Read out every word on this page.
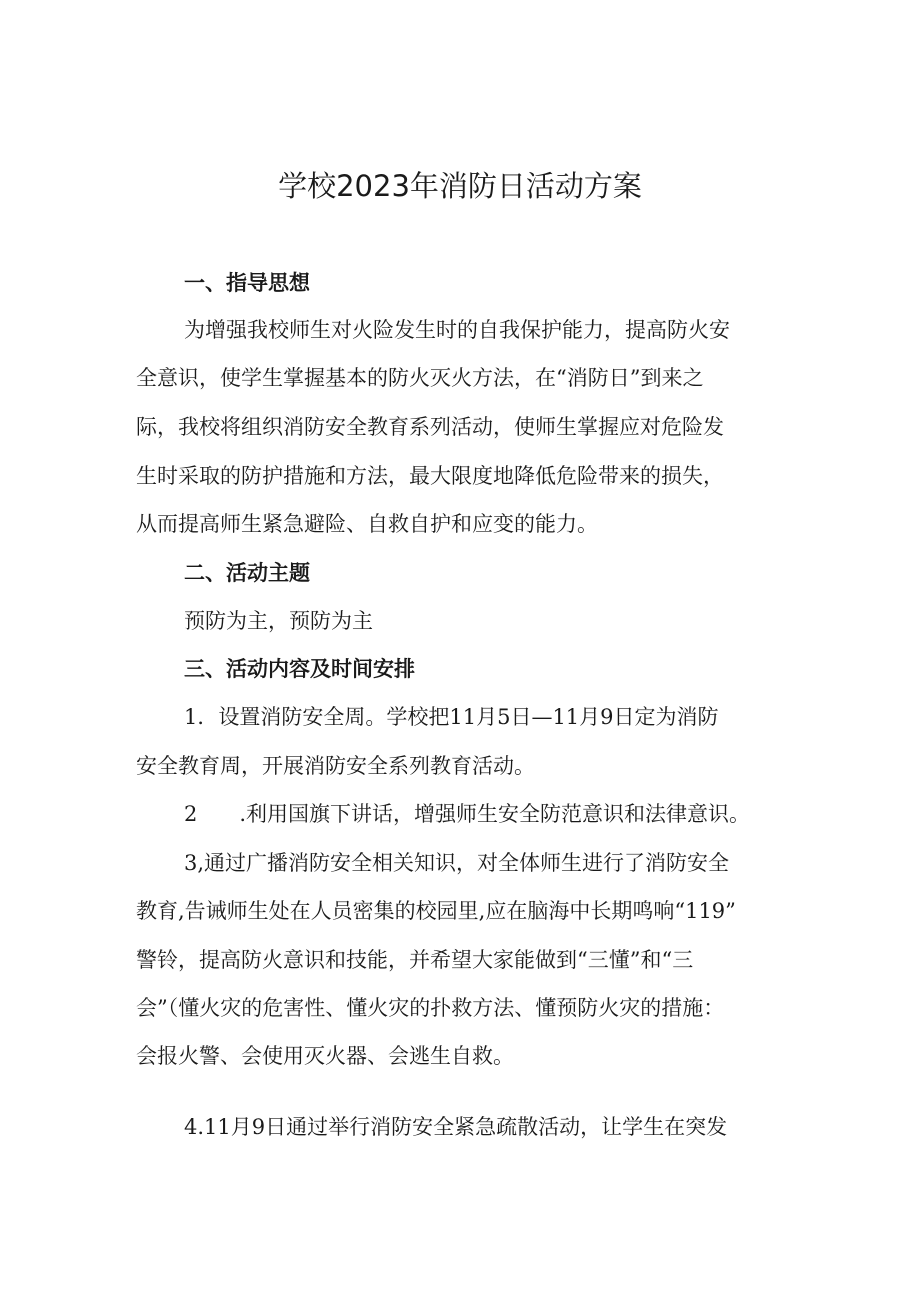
学校2023年消防日活动方案
一、指导思想

为增强我校师生对火险发生时的自我保护能力，提高防火安

全意识，使学生掌握基本的防火灭火方法，在“消防日”到来之

际，我校将组织消防安全教育系列活动，使师生掌握应对危险发

生时采取的防护措施和方法，最大限度地降低危险带来的损失，

从而提高师生紧急避险、自救自护和应变的能力。

二、活动主题

预防为主，预防为主

三、活动内容及时间安排

1．设置消防安全周。学校把11月5日—11月9日定为消防

安全教育周，开展消防安全系列教育活动。

2　　.利用国旗下讲话，增强师生安全防范意识和法律意识。

3,通过广播消防安全相关知识，对全体师生进行了消防安全

教育,告诫师生处在人员密集的校园里,应在脑海中长期鸣响“119”

警铃，提高防火意识和技能，并希望大家能做到“三懂”和“三

会”（懂火灾的危害性、懂火灾的扑救方法、懂预防火灾的措施：

会报火警、会使用灭火器、会逃生自救。

4.11月9日通过举行消防安全紧急疏散活动，让学生在突发
